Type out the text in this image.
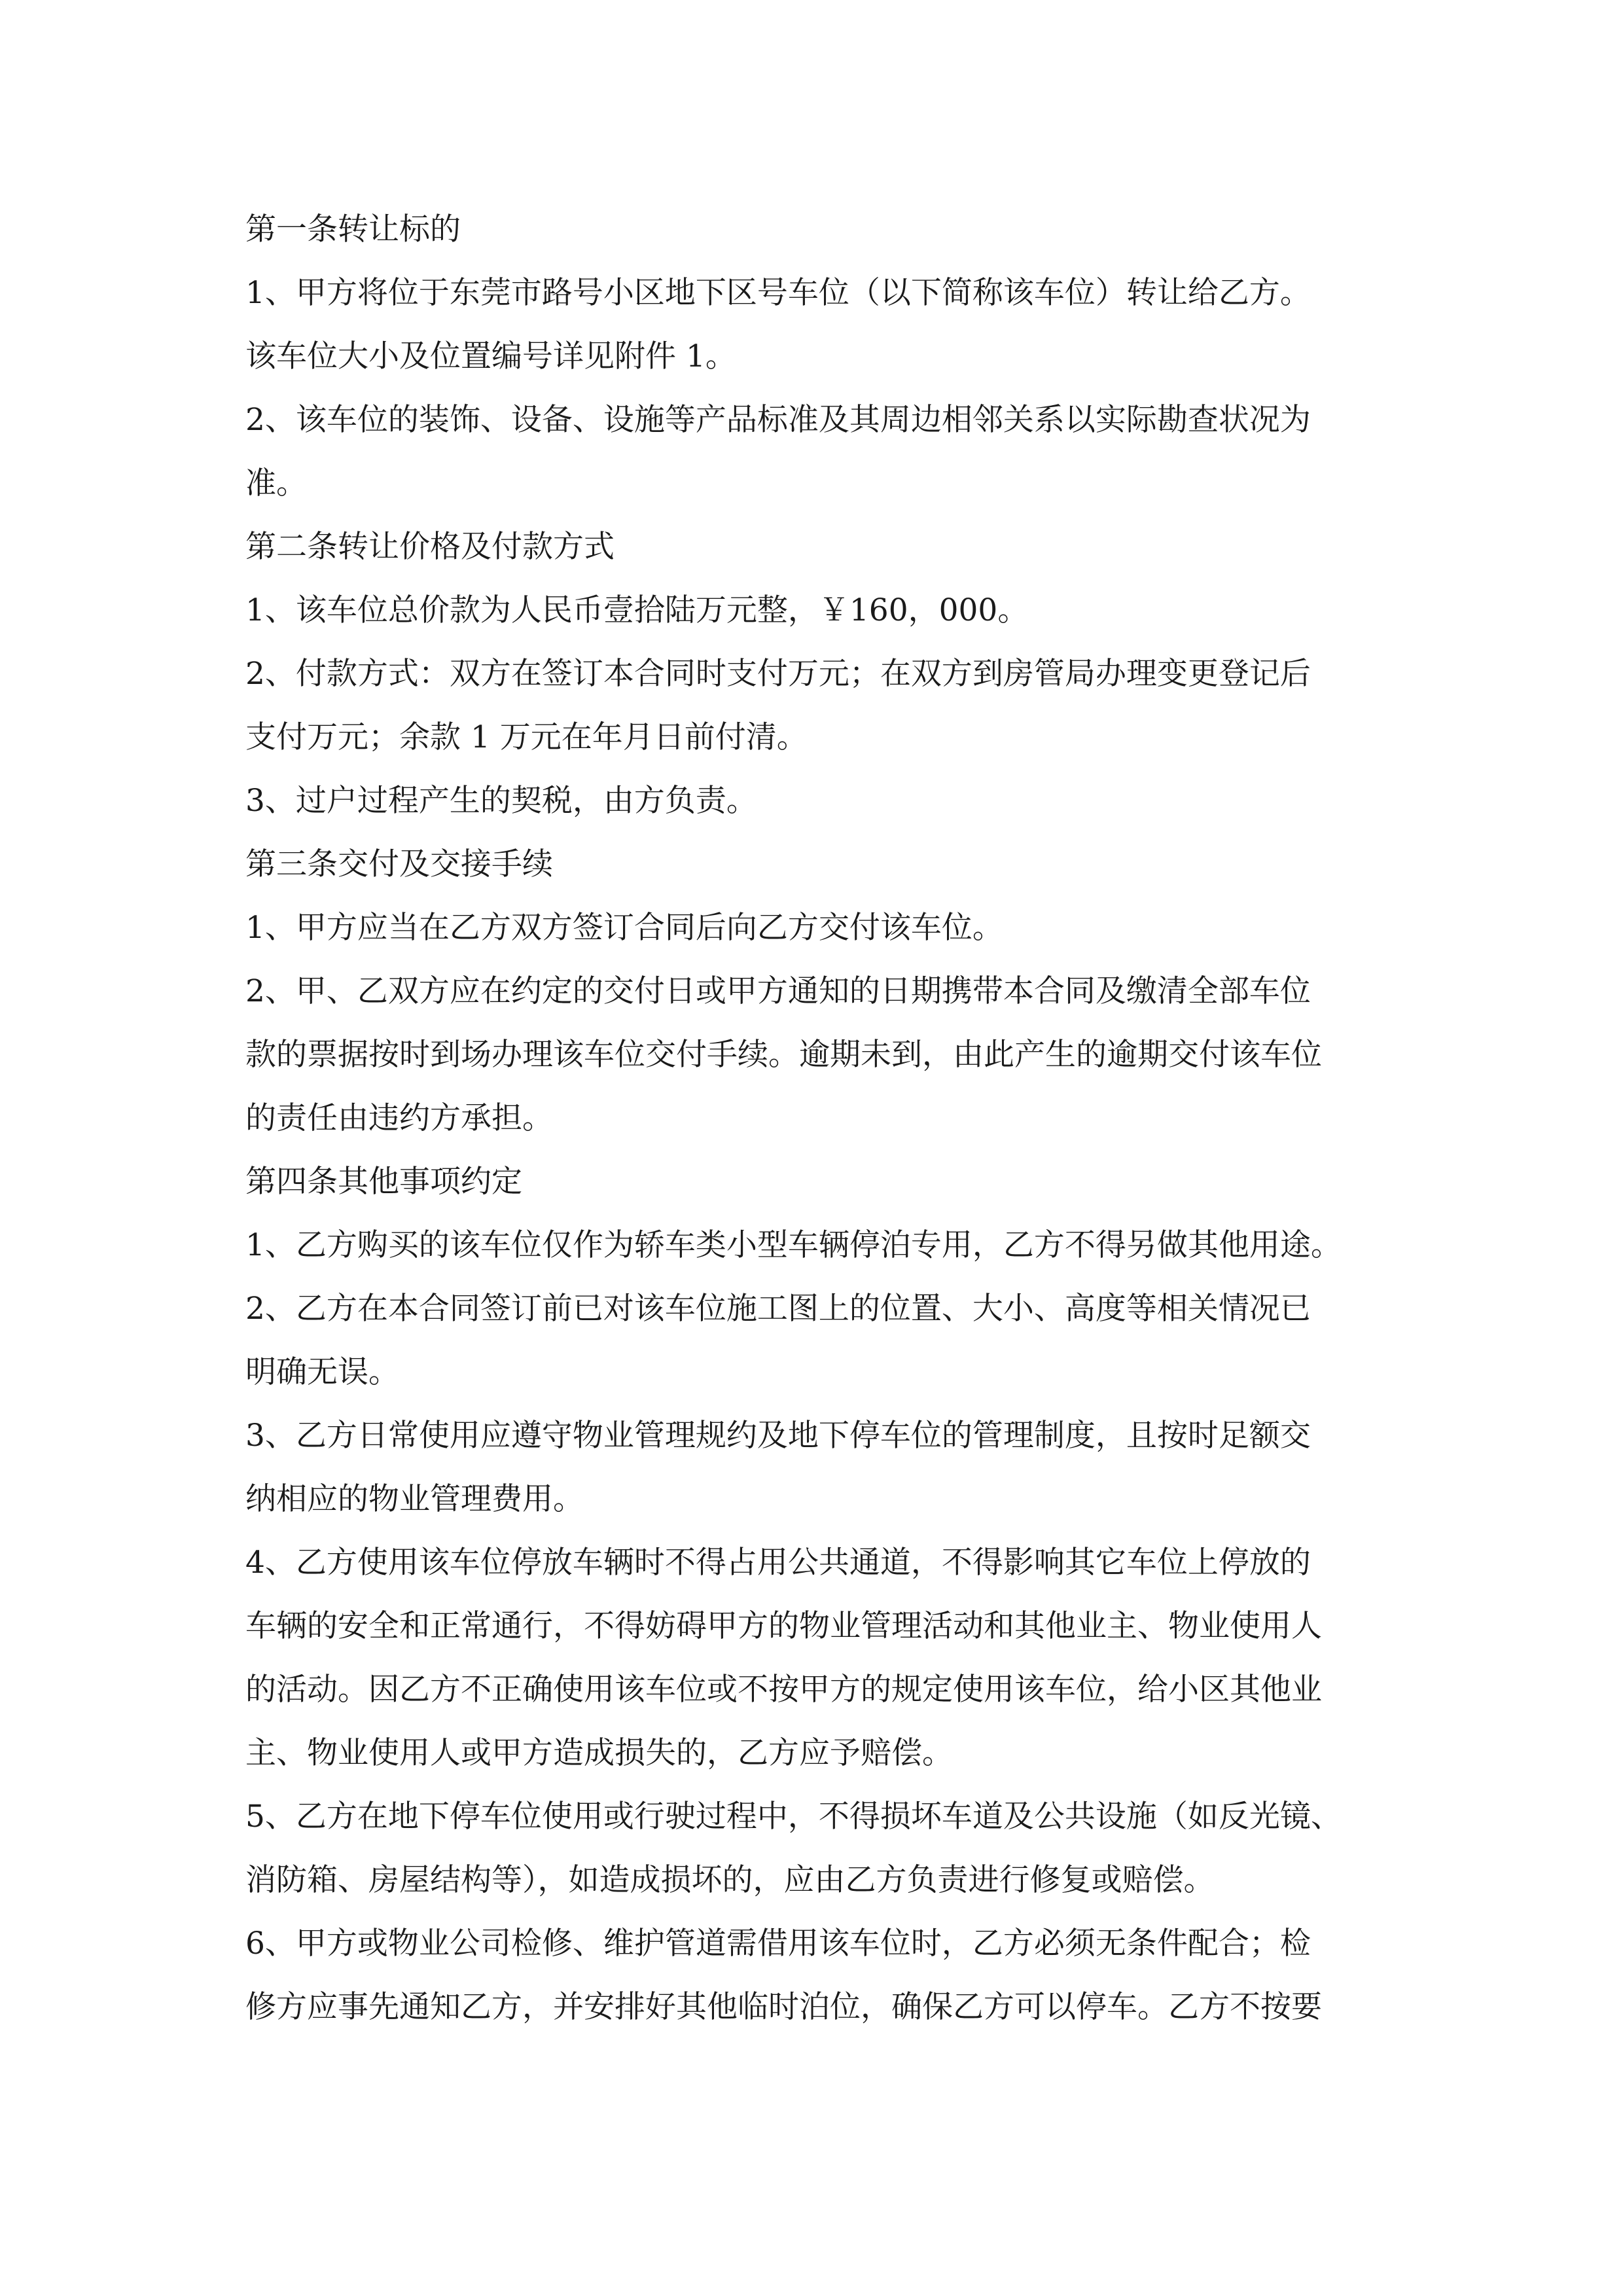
第一条转让标的
1、甲方将位于东莞市路号小区地下区号车位（以下简称该车位）转让给乙方。
该车位大小及位置编号详见附件 1。
2、该车位的装饰、设备、设施等产品标准及其周边相邻关系以实际勘查状况为
准。
第二条转让价格及付款方式
1、该车位总价款为人民币壹拾陆万元整，￥160，000。
2、付款方式：双方在签订本合同时支付万元；在双方到房管局办理变更登记后
支付万元；余款 1 万元在年月日前付清。
3、过户过程产生的契税，由方负责。
第三条交付及交接手续
1、甲方应当在乙方双方签订合同后向乙方交付该车位。
2、甲、乙双方应在约定的交付日或甲方通知的日期携带本合同及缴清全部车位
款的票据按时到场办理该车位交付手续。逾期未到，由此产生的逾期交付该车位
的责任由违约方承担。
第四条其他事项约定
1、乙方购买的该车位仅作为轿车类小型车辆停泊专用，乙方不得另做其他用途。
2、乙方在本合同签订前已对该车位施工图上的位置、大小、高度等相关情况已
明确无误。
3、乙方日常使用应遵守物业管理规约及地下停车位的管理制度，且按时足额交
纳相应的物业管理费用。
4、乙方使用该车位停放车辆时不得占用公共通道，不得影响其它车位上停放的
车辆的安全和正常通行，不得妨碍甲方的物业管理活动和其他业主、物业使用人
的活动。因乙方不正确使用该车位或不按甲方的规定使用该车位，给小区其他业
主、物业使用人或甲方造成损失的，乙方应予赔偿。
5、乙方在地下停车位使用或行驶过程中，不得损坏车道及公共设施（如反光镜、
消防箱、房屋结构等），如造成损坏的，应由乙方负责进行修复或赔偿。
6、甲方或物业公司检修、维护管道需借用该车位时，乙方必须无条件配合；检
修方应事先通知乙方，并安排好其他临时泊位，确保乙方可以停车。乙方不按要
